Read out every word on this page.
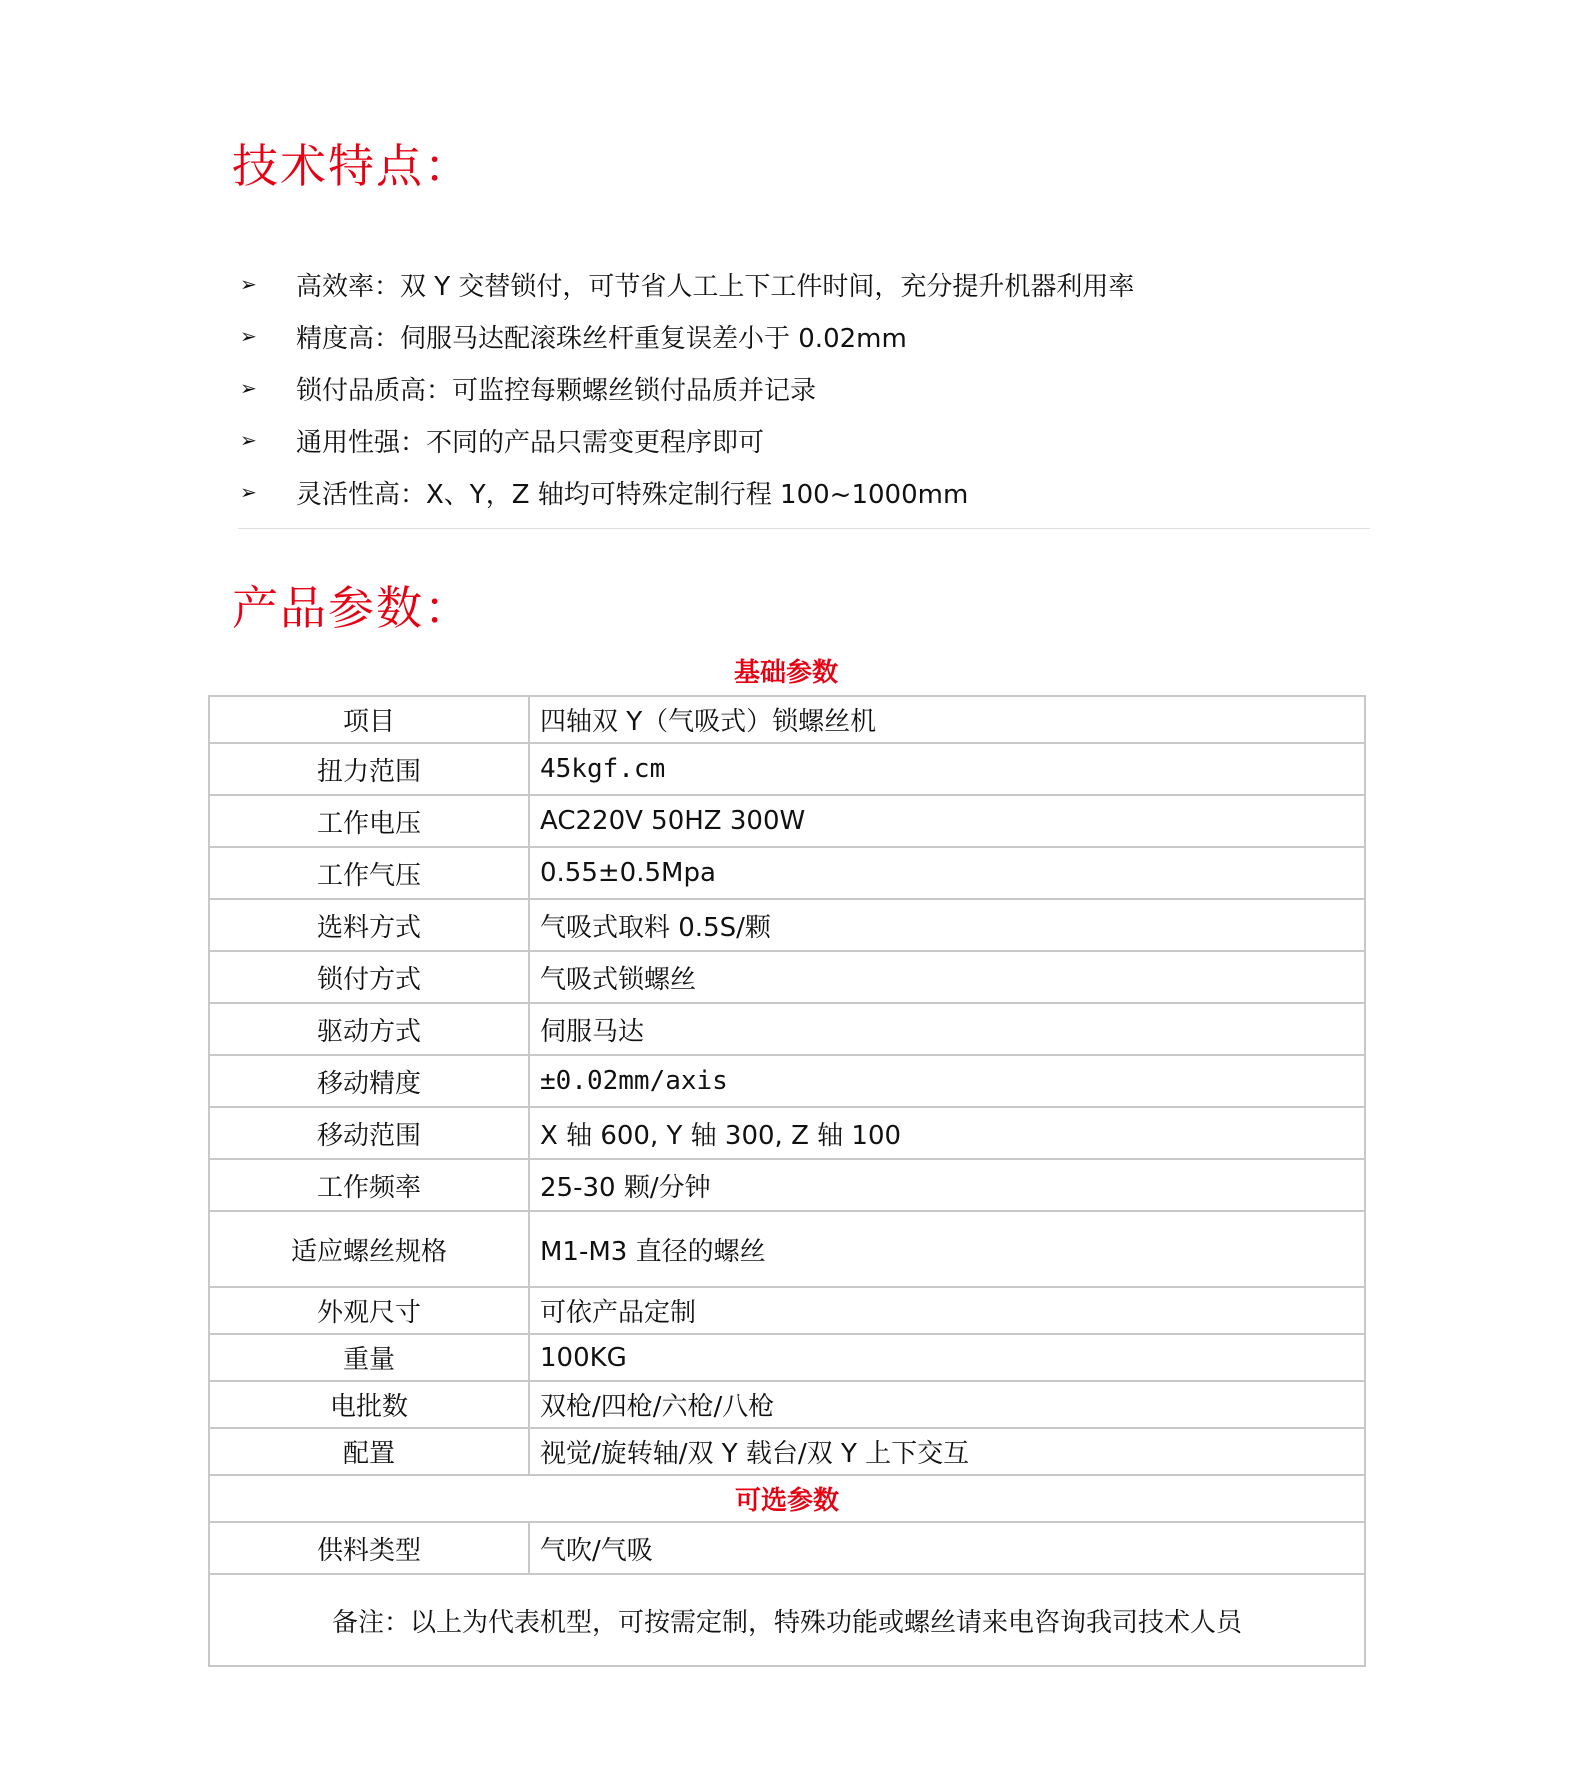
技术特点：
➢	高效率：双 Y 交替锁付，可节省人工上下工件时间，充分提升机器利用率
➢	精度高：伺服马达配滚珠丝杆重复误差小于 0.02mm
➢	锁付品质高：可监控每颗螺丝锁付品质并记录
➢	通用性强：不同的产品只需变更程序即可
➢	灵活性高：X、Y，Z 轴均可特殊定制行程 100~1000mm
产品参数：
基础参数
项目	四轴双 Y（气吸式）锁螺丝机
扭力范围	45kgf.cm
工作电压	AC220V 50HZ 300W
工作气压	0.55±0.5Mpa
选料方式	气吸式取料 0.5S/颗
锁付方式	气吸式锁螺丝
驱动方式	伺服马达
移动精度	±0.02mm/axis
移动范围	X 轴 600, Y 轴 300, Z 轴 100
工作频率	25-30 颗/分钟
适应螺丝规格	M1-M3 直径的螺丝
外观尺寸	可依产品定制
重量	100KG
电批数	双枪/四枪/六枪/八枪
配置	视觉/旋转轴/双 Y 载台/双 Y 上下交互
可选参数	
供料类型	气吹/气吸
备注：以上为代表机型，可按需定制，特殊功能或螺丝请来电咨询我司技术人员	
